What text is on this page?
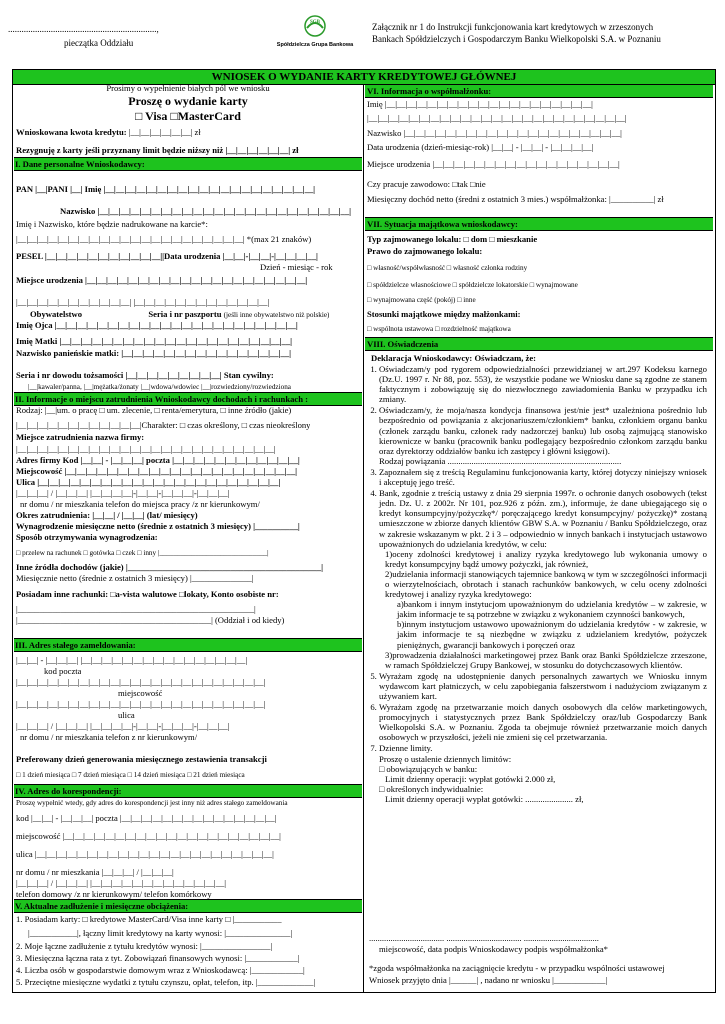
..................................................................,
pieczątka Oddziału
SGB
Spółdzielcza Grupa Bankowa
Załącznik nr 1 do Instrukcji funkcjonowania kart kredytowych w zrzeszonych
Bankach Spółdzielczych i Gospodarczym Banku Wielkopolski S.A. w Poznaniu
WNIOSEK O WYDANIE KARTY KREDYTOWEJ GŁÓWNEJ
Prosimy o wypełnienie białych pól we wniosku
Proszę o wydanie karty
□ Visa □MasterCard
Wnioskowana kwota kredytu: |__|__|__|__|__|__| zł
Rezygnuję z karty jeśli przyznany limit będzie niższy niż |__|__|__|__|__|__| zł
I. Dane personalne Wnioskodawcy:
PAN |__|PANI |__| Imię |__|__|__|__|__|__|__|__|__|__|__|__|__|__|__|__|__|__|__|__|
Nazwisko |__|__|__|__|__|__|__|__|__|__|__|__|__|__|__|__|__|__|__|__|__|__|__|__|
Imię i Nazwisko, które będzie nadrukowane na karcie*:
|__|__|__|__|__|__|__|__|__|__|__|__|__|__|__|__|__|__|__|__|__|__| *(max 21 znaków)
PESEL |__|__|__|__|__|__|__|__|__|__|__||Data urodzenia |__|__|-|__|__|-|__|__|__|__|
Dzień - miesiąc - rok
Miejsce urodzenia |__|__|__|__|__|__|__|__|__|__|__|__|__|__|__|__|__|__|__|__|__|
|__|__|__|__|__|__|__|__|__|__|__| |__|__|__|__|__|__|__|__|__|__|__|__|__|
Obywatelstwo	Seria i nr paszportu (jeśli inne obywatelstwo niż polskie)
Imię Ojca |__|__|__|__|__|__|__|__|__|__|__|__|__|__|__|__|__|__|__|__|__|__|__|
Imię Matki |__|__|__|__|__|__|__|__|__|__|__|__|__|__|__|__|__|__|__|__|__|__|
Nazwisko panieńskie matki: |__|__|__|__|__|__|__|__|__|__|__|__|__|__|__|__|
Seria i nr dowodu tożsamości |__|__|__|__|__|__|__|__|__| Stan cywilny:
|__|kawaler/panna, |__|mężatka/żonaty |__|wdowa/wdowiec |__|rozwiedziony/rozwiedziona
II. Informacje o miejscu zatrudnienia Wnioskodawcy dochodach i rachunkach :
Rodzaj: |__|um. o pracę □ um. zlecenie, □ renta/emerytura, □ inne źródło (jakie)
|__|__|__|__|__|__|__|__|__|__|__|__|Charakter: □ czas określony, □ czas nieokreślony
Miejsce zatrudnienia nazwa firmy:
|__|__|__|__|__|__|__|__|__|__|__|__|__|__|__|__|__|__|__|__|__|__|__|__|__|
Adres firmy Kod |__|__| - |__|__|__| poczta |__|__|__|__|__|__|__|__|__|__|__|__|
Miejscowość |__|__|__|__|__|__|__|__|__|__|__|__|__|__|__|__|__|__|__|__|__|__|
Ulica |__|__|__|__|__|__|__|__|__|__|__|__|__|__|__|__|__|__|__|__|__|__|__|
|__|__|__| / |__|__|__| |__|__|__|__|-|__|__|-|__|__|__|-|__|__|__|
nr domu / nr mieszkania telefon do miejsca pracy /z nr kierunkowym/
Okres zatrudnienia: |__|__| / |__|__| (lat/ miesięcy)
Wynagrodzenie miesięczne netto (średnie z ostatnich 3 miesięcy) |__________|
Sposób otrzymywania wynagrodzenia:
□ przelew na rachunek □ gotówka □ czek □ inny |______________________________|
Inne źródła dochodów (jakie) |_____________________________________________|
Miesięcznie netto (średnie z ostatnich 3 miesięcy) |______________|
Posiadam inne rachunki: □a-vista walutowe □lokaty, Konto osobiste nr:
|_______________________________________________________|
|_____________________________________________| (Oddział i od kiedy)
III. Adres stałego zameldowania:
|__|__| - |__|__|__| |__|__|__|__|__|__|__|__|__|__|__|__|__|__|__|__|
kod poczta
|__|__|__|__|__|__|__|__|__|__|__|__|__|__|__|__|__|__|__|__|__|__|__|__|
miejscowość
|__|__|__|__|__|__|__|__|__|__|__|__|__|__|__|__|__|__|__|__|__|__|__|__|
ulica
|__|__|__| / |__|__|__| |__|__|__|__|-|__|__|-|__|__|__|-|__|__|__|
nr domu / nr mieszkania telefon z nr kierunkowym/
Preferowany dzień generowania miesięcznego zestawienia transakcji
□ 1 dzień miesiąca □ 7 dzień miesiąca □ 14 dzień miesiąca □ 21 dzień miesiąca
IV. Adres do korespondencji:
Proszę wypełnić wtedy, gdy adres do korespondencji jest inny niż adres stałego zameldowania
kod |__|__| - |__|__|__| poczta |__|__|__|__|__|__|__|__|__|__|__|__|__|__|__|
miejscowość |__|__|__|__|__|__|__|__|__|__|__|__|__|__|__|__|__|__|__|__|__|
ulica |__|__|__|__|__|__|__|__|__|__|__|__|__|__|__|__|__|__|__|__|__|__|__|
nr domu / nr mieszkania |__|__|__| / |__|__|__|
|__|__|__| / |__|__|__| |__|__|__|__|__|__|__|__|__|__|__|__|__|
telefon domowy /z nr kierunkowym/ telefon komórkowy
V. Aktualne zadłużenie i miesięczne obciążenia:
1. Posiadam karty: □ kredytowe MasterCard/Visa inne karty □ |___________
|___________|, łączny limit kredytowy na karty wynosi: |_______________|
2. Moje łączne zadłużenie z tytułu kredytów wynosi: |________________|
3. Miesięczna łączna rata z tyt. Zobowiązań finansowych wynosi: |____________|
4. Liczba osób w gospodarstwie domowym wraz z Wnioskodawcą: |____________|
5. Przeciętne miesięczne wydatki z tytułu czynszu, opłat, telefon, itp. |_____________|
VI. Informacja o współmałżonku:
Imię |__|__|__|__|__|__|__|__|__|__|__|__|__|__|__|__|__|__|__|__|
|__|__|__|__|__|__|__|__|__|__|__|__|__|__|__|__|__|__|__|__|__|__|__|__|__|
Nazwisko |__|__|__|__|__|__|__|__|__|__|__|__|__|__|__|__|__|__|__|__|__|
Data urodzenia (dzień-miesiąc-rok) |__|__| - |__|__| - |__|__|__|__|
Miejsce urodzenia |__|__|__|__|__|__|__|__|__|__|__|__|__|__|__|__|__|__|
Czy pracuje zawodowo: □tak □nie
Miesięczny dochód netto (średni z ostatnich 3 mies.) współmałżonka: |__________| zł
VII. Sytuacja majątkowa wnioskodawcy:
Typ zajmowanego lokalu: □ dom □ mieszkanie
Prawo do zajmowanego lokalu:
□ własność/współwłasność □ własność członka rodziny
□ spółdzielcze własnościowe □ spółdzielcze lokatorskie □ wynajmowane
□ wynajmowana część (pokój) □ inne
Stosunki majątkowe między małżonkami:
□ wspólnota ustawowa □ rozdzielność majątkowa
VIII. Oświadczenia
Deklaracja Wnioskodawcy: Oświadczam, że:
1. Oświadczam/y pod rygorem odpowiedzialności przewidzianej w art.297 Kodeksu karnego (Dz.U. 1997 r. Nr 88, poz. 553), że wszystkie podane we Wniosku dane są zgodne ze stanem faktycznym i zobowiązuję się do niezwłocznego zawiadomienia Banku w przypadku ich zmiany.
2. Oświadczam/y, że moja/nasza kondycja finansowa jest/nie jest* uzależniona pośrednio lub bezpośrednio od powiązania z akcjonariuszem/członkiem* banku, członkiem organu banku (członek zarządu banku, członek rady nadzorczej banku) lub osobą zajmującą stanowisko kierownicze w banku (pracownik banku podlegający bezpośrednio członkom zarządu banku oraz dyrektorzy oddziałów banku ich zastępcy i główni księgowi).
Rodzaj powiązania ................................................................................
3. Zapoznałem się z treścią Regulaminu funkcjonowania karty, której dotyczy niniejszy wniosek i akceptuję jego treść.
4. Bank, zgodnie z treścią ustawy z dnia 29 sierpnia 1997r. o ochronie danych osobowych (tekst jedn. Dz. U. z 2002r. Nr 101, poz.926 z późn. zm.), informuje, że dane ubiegającego się o kredyt konsumpcyjny/pożyczkę*/ poręczającego kredyt konsumpcyjny/ pożyczkę)* zostaną umieszczone w zbiorze danych klientów GBW S.A. w Poznaniu / Banku Spółdzielczego, oraz w zakresie wskazanym w pkt. 2 i 3 – odpowiednio w innych bankach i instytucjach ustawowo upoważnionych do udzielania kredytów, w celu:
1)oceny zdolności kredytowej i analizy ryzyka kredytowego lub wykonania umowy o kredyt konsumpcyjny bądź umowy pożyczki, jak również,
2)udzielania informacji stanowiących tajemnice bankową w tym w szczególności informacji o wierzytelnościach, obrotach i stanach rachunków bankowych, w celu oceny zdolności kredytowej i analizy ryzyka kredytowego:
a)bankom i innym instytucjom upoważnionym do udzielania kredytów – w zakresie, w jakim informacje te są potrzebne w związku z wykonaniem czynności bankowych,
b)innym instytucjom ustawowo upoważnionym do udzielania kredytów - w zakresie, w jakim informacje te są niezbędne w związku z udzielaniem kredytów, pożyczek pieniężnych, gwarancji bankowych i poręczeń oraz
3)prowadzenia działalności marketingowej przez Bank oraz Banki Spółdzielcze zrzeszone, w ramach Spółdzielczej Grupy Bankowej, w stosunku do dotychczasowych klientów.
5. Wyrażam zgodę na udostępnienie danych personalnych zawartych we Wniosku innym wydawcom kart płatniczych, w celu zapobiegania fałszerstwom i nadużyciom związanym z używaniem kart.
6. Wyrażam zgodę na przetwarzanie moich danych osobowych dla celów marketingowych, promocyjnych i statystycznych przez Bank Spółdzielczy oraz/lub Gospodarczy Bank Wielkopolski S.A. w Poznaniu. Zgoda ta obejmuje również przetwarzanie moich danych osobowych w przyszłości, jeżeli nie zmieni się cel przetwarzania.
7. Dzienne limity.
Proszę o ustalenie dziennych limitów:
□ obowiązujących w banku:
Limit dzienny operacji: wypłat gotówki 2.000 zł,
□ określonych indywidualnie:
Limit dzienny operacji wypłat gotówki: ...................... zł,
................................... ................................... ...................................
miejscowość, data podpis Wnioskodawcy podpis współmałżonka*
*zgoda współmałżonka na zaciągnięcie kredytu - w przypadku wspólności ustawowej
Wniosek przyjęto dnia |______| , nadano nr wniosku |____________|
